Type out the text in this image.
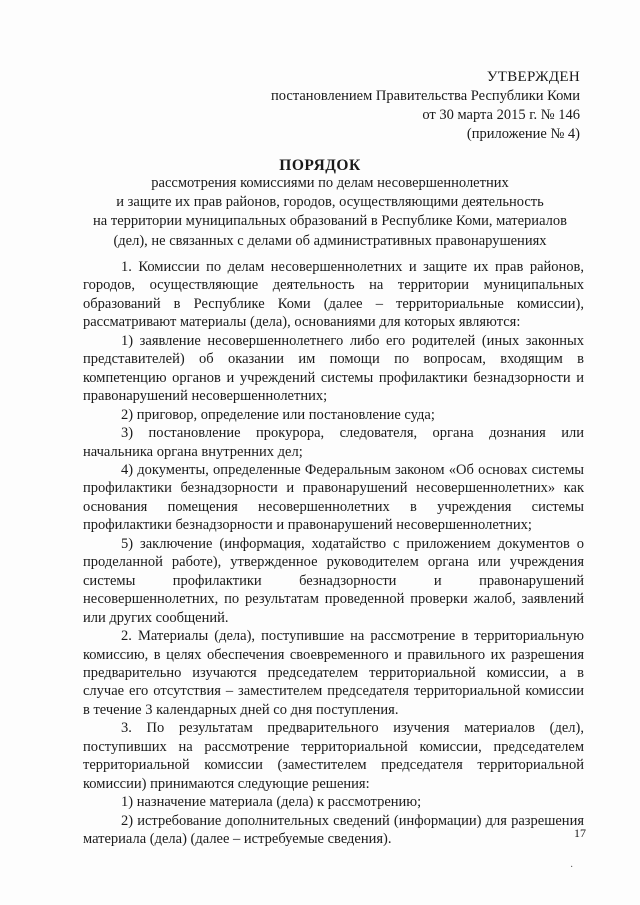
УТВЕРЖДЕН
постановлением Правительства Республики Коми
от 30 марта 2015 г. № 146
(приложение № 4)
ПОРЯДОК
рассмотрения комиссиями по делам несовершеннолетних
и защите их прав районов, городов, осуществляющими деятельность
на территории муниципальных образований в Республике Коми, материалов
(дел), не связанных с делами об административных правонарушениях

1. Комиссии по делам несовершеннолетних и защите их прав районов, городов, осуществляющие деятельность на территории муниципальных образований в Республике Коми (далее – территориальные комиссии), рассматривают материалы (дела), основаниями для которых являются:

1) заявление несовершеннолетнего либо его родителей (иных законных представителей) об оказании им помощи по вопросам, входящим в компетенцию органов и учреждений системы профилактики безнадзорности и правонарушений несовершеннолетних;

2) приговор, определение или постановление суда;

3) постановление прокурора, следователя, органа дознания или начальника органа внутренних дел;

4) документы, определенные Федеральным законом «Об основах системы профилактики безнадзорности и правонарушений несовершеннолетних» как основания помещения несовершеннолетних в учреждения системы профилактики безнадзорности и правонарушений несовершеннолетних;

5) заключение (информация, ходатайство с приложением документов о проделанной работе), утвержденное руководителем органа или учреждения системы профилактики безнадзорности и правонарушений несовершеннолетних, по результатам проведенной проверки жалоб, заявлений или других сообщений.

2. Материалы (дела), поступившие на рассмотрение в территориальную комиссию, в целях обеспечения своевременного и правильного их разрешения предварительно изучаются председателем территориальной комиссии, а в случае его отсутствия – заместителем председателя территориальной комиссии в течение 3 календарных дней со дня поступления.

3. По результатам предварительного изучения материалов (дел), поступивших на рассмотрение территориальной комиссии, председателем территориальной комиссии (заместителем председателя территориальной комиссии) принимаются следующие решения:

1) назначение материала (дела) к рассмотрению;

2) истребование дополнительных сведений (информации) для разрешения материала (дела) (далее – истребуемые сведения).	17
·
